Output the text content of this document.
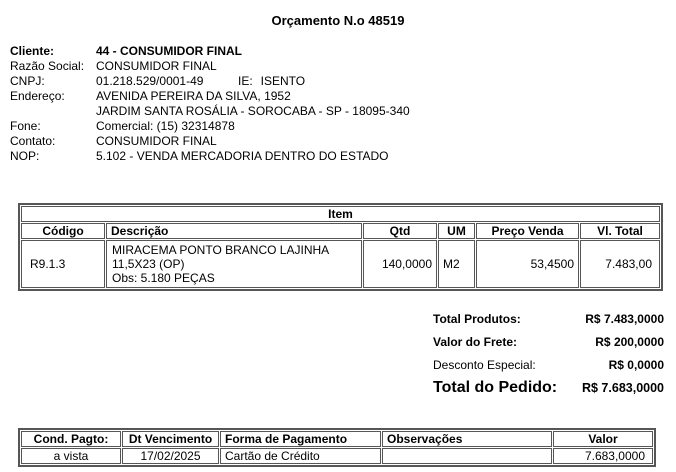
Orçamento N.o 48519
Cliente:	44 - CONSUMIDOR FINAL
Razão Social: CONSUMIDOR FINAL
CNPJ:	01.218.529/0001-49	IE: ISENTO
Endereço:	AVENIDA PEREIRA DA SILVA, 1952
JARDIM SANTA ROSÁLIA - SOROCABA - SP - 18095-340
Fone:	Comercial: (15) 32314878
Contato:	CONSUMIDOR FINAL
NOP:	5.102 - VENDA MERCADORIA DENTRO DO ESTADO
Item					
Código	Descrição	Qtd	UM	Preço Venda	Vl. Total
R9.1.3	MIRACEMA PONTO BRANCO LAJINHA
11,5X23 (OP)
Obs: 5.180 PEÇAS	140,0000	M2	53,4500	7.483,00
Total Produtos:	R$ 7.483,0000
Valor do Frete:	R$ 200,0000
Desconto Especial:	R$ 0,0000
Total do Pedido: R$ 7.683,0000
Cond. Pagto:	Dt Vencimento	Forma de Pagamento	Observações	Valor
a vista	17/02/2025	Cartão de Crédito		7.683,0000
